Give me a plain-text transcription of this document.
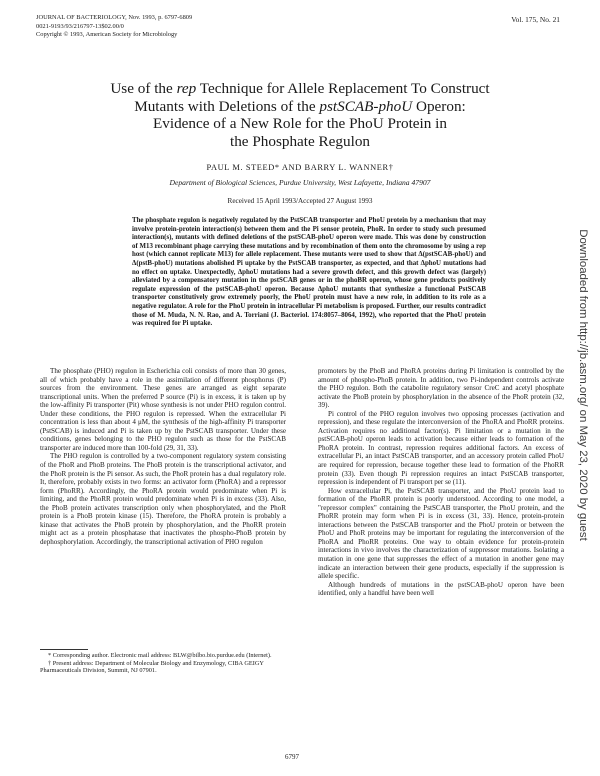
JOURNAL OF BACTERIOLOGY, Nov. 1993, p. 6797-6809
0021-9193/93/216797-13$02.00/0
Copyright © 1993, American Society for Microbiology
Vol. 175, No. 21
Use of the rep Technique for Allele Replacement To Construct
Mutants with Deletions of the pstSCAB-phoU Operon:
Evidence of a New Role for the PhoU Protein in
the Phosphate Regulon
PAUL M. STEED* AND BARRY L. WANNER†
Department of Biological Sciences, Purdue University, West Lafayette, Indiana 47907
Received 15 April 1993/Accepted 27 August 1993
The phosphate regulon is negatively regulated by the PstSCAB transporter and PhoU protein by a mechanism that may involve protein-protein interaction(s) between them and the Pi sensor protein, PhoR. In order to study such presumed interaction(s), mutants with defined deletions of the pstSCAB-phoU operon were made. This was done by construction of M13 recombinant phage carrying these mutations and by recombination of them onto the chromosome by using a rep host (which cannot replicate M13) for allele replacement. These mutants were used to show that Δ(pstSCAB-phoU) and Δ(pstB-phoU) mutations abolished Pi uptake by the PstSCAB transporter, as expected, and that ΔphoU mutations had no effect on uptake. Unexpectedly, ΔphoU mutations had a severe growth defect, and this growth defect was (largely) alleviated by a compensatory mutation in the pstSCAB genes or in the phoBR operon, whose gene products positively regulate expression of the pstSCAB-phoU operon. Because ΔphoU mutants that synthesize a functional PstSCAB transporter constitutively grow extremely poorly, the PhoU protein must have a new role, in addition to its role as a negative regulator. A role for the PhoU protein in intracellular Pi metabolism is proposed. Further, our results contradict those of M. Muda, N. N. Rao, and A. Torriani (J. Bacteriol. 174:8057–8064, 1992), who reported that the PhoU protein was required for Pi uptake.

The phosphate (PHO) regulon in Escherichia coli consists of more than 30 genes, all of which probably have a role in the assimilation of different phosphorus (P) sources from the environment. These genes are arranged as eight separate transcriptional units. When the preferred P source (Pi) is in excess, it is taken up by the low-affinity Pi transporter (Pit) whose synthesis is not under PHO regulon control. Under these conditions, the PHO regulon is repressed. When the extracellular Pi concentration is less than about 4 μM, the synthesis of the high-affinity Pi transporter (PstSCAB) is induced and Pi is taken up by the PstSCAB transporter. Under these conditions, genes belonging to the PHO regulon such as those for the PstSCAB transporter are induced more than 100-fold (29, 31, 33).

The PHO regulon is controlled by a two-component regulatory system consisting of the PhoR and PhoB proteins. The PhoB protein is the transcriptional activator, and the PhoR protein is the Pi sensor. As such, the PhoR protein has a dual regulatory role. It, therefore, probably exists in two forms: an activator form (PhoRA) and a repressor form (PhoRR). Accordingly, the PhoRA protein would predominate when Pi is limiting, and the PhoRR protein would predominate when Pi is in excess (33). Also, the PhoB protein activates transcription only when phosphorylated, and the PhoR protein is a PhoB protein kinase (15). Therefore, the PhoRA protein is probably a kinase that activates the PhoB protein by phosphorylation, and the PhoRR protein might act as a protein phosphatase that inactivates the phospho-PhoB protein by dephosphorylation. Accordingly, the transcriptional activation of PHO regulon

promoters by the PhoB and PhoRA proteins during Pi limitation is controlled by the amount of phospho-PhoB protein. In addition, two Pi-independent controls activate the PHO regulon. Both the catabolite regulatory sensor CreC and acetyl phosphate activate the PhoB protein by phosphorylation in the absence of the PhoR protein (32, 39).

Pi control of the PHO regulon involves two opposing processes (activation and repression), and these regulate the interconversion of the PhoRA and PhoRR proteins. Activation requires no additional factor(s). Pi limitation or a mutation in the pstSCAB-phoU operon leads to activation because either leads to formation of the PhoRA protein. In contrast, repression requires additional factors. An excess of extracellular Pi, an intact PstSCAB transporter, and an accessory protein called PhoU are required for repression, because together these lead to formation of the PhoRR protein (33). Even though Pi repression requires an intact PstSCAB transporter, repression is independent of Pi transport per se (11).

How extracellular Pi, the PstSCAB transporter, and the PhoU protein lead to formation of the PhoRR protein is poorly understood. According to one model, a "repressor complex" containing the PstSCAB transporter, the PhoU protein, and the PhoRR protein may form when Pi is in excess (31, 33). Hence, protein-protein interactions between the PstSCAB transporter and the PhoU protein or between the PhoU and PhoR proteins may be important for regulating the interconversion of the PhoRA and PhoRR proteins. One way to obtain evidence for protein-protein interactions in vivo involves the characterization of suppressor mutations. Isolating a mutation in one gene that suppresses the effect of a mutation in another gene may indicate an interaction between their gene products, especially if the suppression is allele specific.

Although hundreds of mutations in the pstSCAB-phoU operon have been identified, only a handful have been well

* Corresponding author. Electronic mail address: BLW@bilbo.bio.purdue.edu (Internet).

† Present address: Department of Molecular Biology and Enzymology, CIBA GEIGY Pharmaceuticals Division, Summit, NJ 07901.

6797
Downloaded from http://jb.asm.org/ on May 23, 2020 by guest
